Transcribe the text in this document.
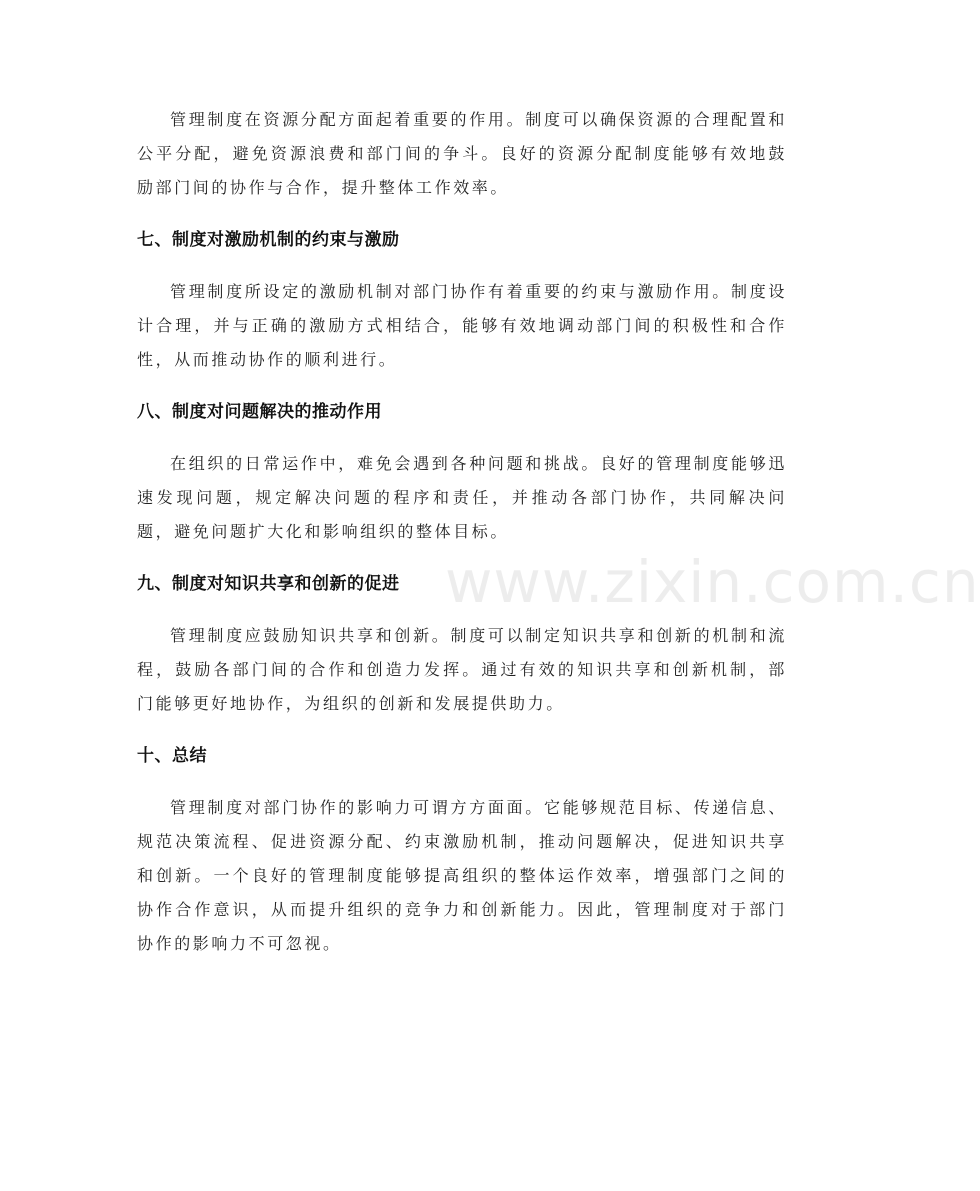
管理制度在资源分配方面起着重要的作用。制度可以确保资源的合理配置和公平分配，避免资源浪费和部门间的争斗。良好的资源分配制度能够有效地鼓励部门间的协作与合作，提升整体工作效率。

七、制度对激励机制的约束与激励

管理制度所设定的激励机制对部门协作有着重要的约束与激励作用。制度设计合理，并与正确的激励方式相结合，能够有效地调动部门间的积极性和合作性，从而推动协作的顺利进行。

八、制度对问题解决的推动作用

在组织的日常运作中，难免会遇到各种问题和挑战。良好的管理制度能够迅速发现问题，规定解决问题的程序和责任，并推动各部门协作，共同解决问题，避免问题扩大化和影响组织的整体目标。

九、制度对知识共享和创新的促进

管理制度应鼓励知识共享和创新。制度可以制定知识共享和创新的机制和流程，鼓励各部门间的合作和创造力发挥。通过有效的知识共享和创新机制，部门能够更好地协作，为组织的创新和发展提供助力。

十、总结

管理制度对部门协作的影响力可谓方方面面。它能够规范目标、传递信息、规范决策流程、促进资源分配、约束激励机制，推动问题解决，促进知识共享和创新。一个良好的管理制度能够提高组织的整体运作效率，增强部门之间的协作合作意识，从而提升组织的竞争力和创新能力。因此，管理制度对于部门协作的影响力不可忽视。

www.zixin.com.cn
